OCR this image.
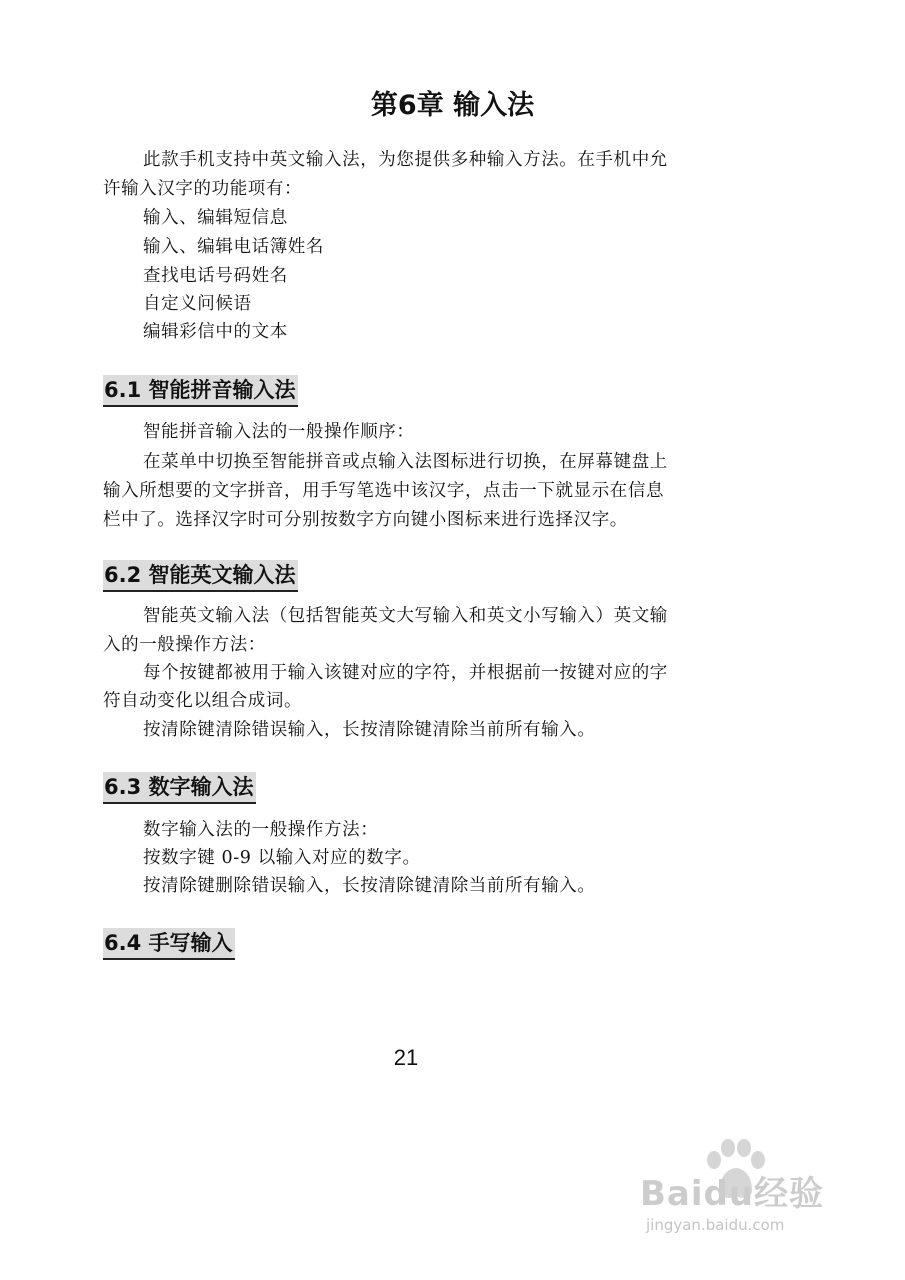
第6章 输入法

此款手机支持中英文输入法，为您提供多种输入方法。在手机中允

许输入汉字的功能项有：

输入、编辑短信息

输入、编辑电话簿姓名

查找电话号码姓名

自定义问候语

编辑彩信中的文本

6.1 智能拼音输入法

智能拼音输入法的一般操作顺序：

在菜单中切换至智能拼音或点输入法图标进行切换，在屏幕键盘上

输入所想要的文字拼音，用手写笔选中该汉字，点击一下就显示在信息

栏中了。选择汉字时可分别按数字方向键小图标来进行选择汉字。

6.2 智能英文输入法

智能英文输入法（包括智能英文大写输入和英文小写输入）英文输

入的一般操作方法：

每个按键都被用于输入该键对应的字符，并根据前一按键对应的字

符自动变化以组合成词。

按清除键清除错误输入，长按清除键清除当前所有输入。

6.3 数字输入法

数字输入法的一般操作方法：

按数字键 0-9 以输入对应的数字。

按清除键删除错误输入，长按清除键清除当前所有输入。

6.4 手写输入
21
Baidu经验
jingyan.baidu.com
